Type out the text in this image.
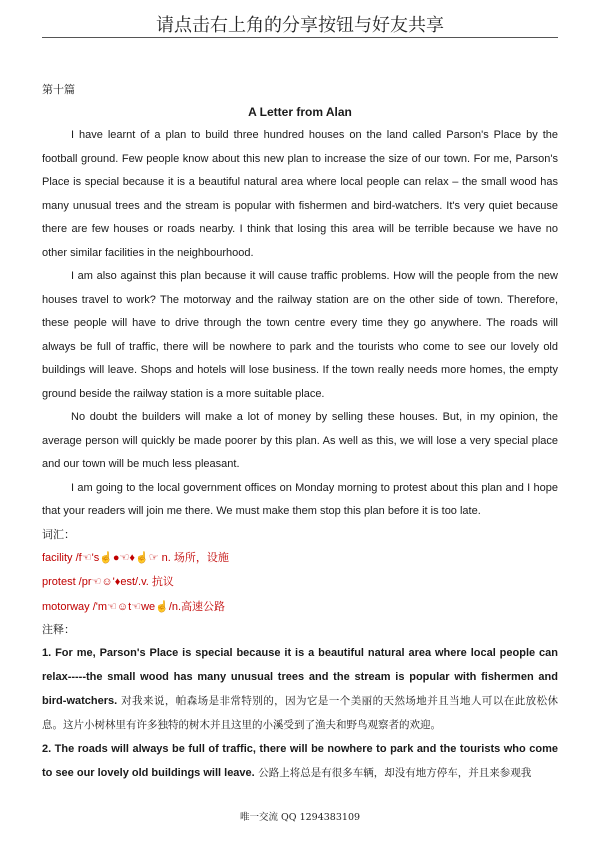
请点击右上角的分享按钮与好友共享
第十篇
A Letter from Alan

I have learnt of a plan to build three hundred houses on the land called Parson's Place by the football ground. Few people know about this new plan to increase the size of our town. For me, Parson's Place is special because it is a beautiful natural area where local people can relax – the small wood has many unusual trees and the stream is popular with fishermen and bird-watchers. It's very quiet because there are few houses or roads nearby. I think that losing this area will be terrible because we have no other similar facilities in the neighbourhood.

I am also against this plan because it will cause traffic problems. How will the people from the new houses travel to work? The motorway and the railway station are on the other side of town. Therefore, these people will have to drive through the town centre every time they go anywhere. The roads will always be full of traffic, there will be nowhere to park and the tourists who come to see our lovely old buildings will leave. Shops and hotels will lose business. If the town really needs more homes, the empty ground beside the railway station is a more suitable place.

No doubt the builders will make a lot of money by selling these houses. But, in my opinion, the average person will quickly be made poorer by this plan. As well as this, we will lose a very special place and our town will be much less pleasant.

I am going to the local government offices on Monday morning to protest about this plan and I hope that your readers will join me there. We must make them stop this plan before it is too late.

词汇：
facility /f☜'s☝●☜♦☝☞ n. 场所，设施
protest /pr☜☺'♦est/.v. 抗议
motorway /'m☜☺t☜we☝/n.高速公路
注释：

1. For me, Parson's Place is special because it is a beautiful natural area where local people can relax-----the small wood has many unusual trees and the stream is popular with fishermen and bird-watchers. 对我来说，帕森场是非常特别的，因为它是一个美丽的天然场地并且当地人可以在此放松休息。这片小树林里有许多独特的树木并且这里的小溪受到了渔夫和野鸟观察者的欢迎。

2. The roads will always be full of traffic, there will be nowhere to park and the tourists who come to see our lovely old buildings will leave. 公路上将总是有很多车辆，却没有地方停车，并且来参观我

唯一交流 QQ 1294383109
